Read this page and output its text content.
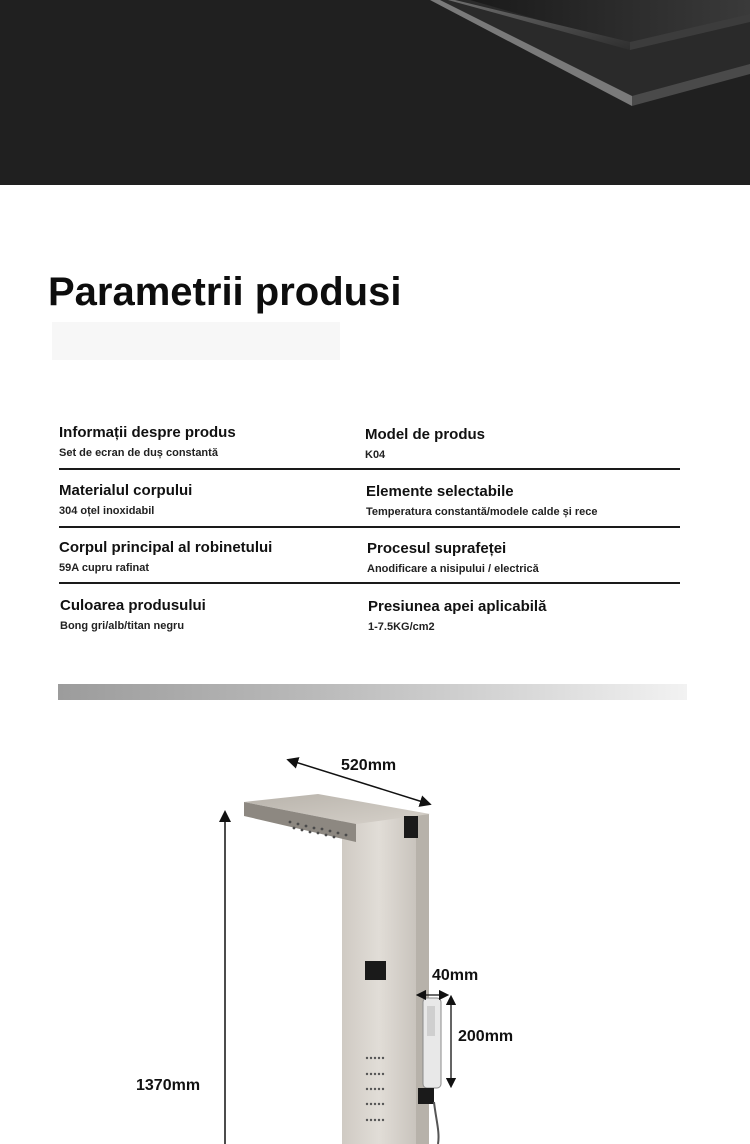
Parametrii produsi
Informații despre produs
Set de ecran de duș constantă
Model de produs
K04
Materialul corpului
304 oțel inoxidabil
Elemente selectabile
Temperatura constantă/modele calde și rece
Corpul principal al robinetului
59A cupru rafinat
Procesul suprafeței
Anodificare a nisipului / electrică
Culoarea produsului
Bong gri/alb/titan negru
Presiunea apei aplicabilă
1-7.5KG/cm2
520mm
40mm
200mm
1370mm
